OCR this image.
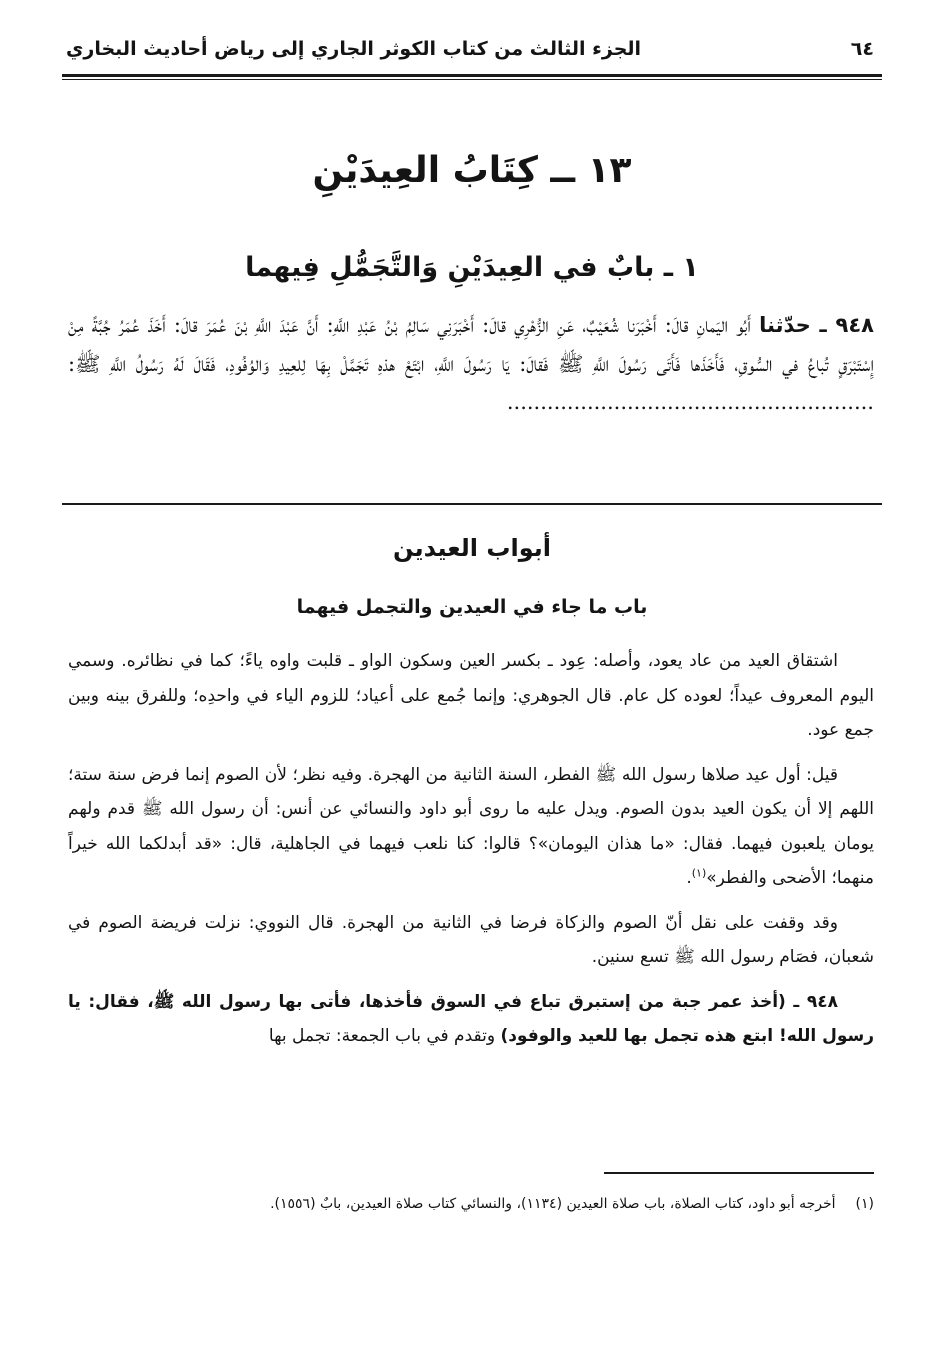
٦٤
الجزء الثالث من كتاب الكوثر الجاري إلى رياض أحاديث البخاري
١٣ ــ كِتَابُ العِيدَيْنِ
١ ـ بابٌ في العِيدَيْنِ وَالتَّجَمُّلِ فِيهما
٩٤٨ ـ حدّثنا أَبُو اليَمانِ قالَ: أَخْبَرَنا شُعَيْبٌ، عَنِ الزُّهْرِي قالَ: أَخْبَرَنِي سَالِمُ بْنُ عَبْدِ اللَّهِ: أَنَّ عَبْدَ اللَّهِ بْنَ عُمَرَ قالَ: أَخَذَ عُمَرُ جُبَّةً مِنْ إِسْتَبْرَقٍ تُباعُ في السُّوقِ، فَأَخَذَها فَأَتَى رَسُولَ اللَّهِ ﷺ فَقالَ: يَا رَسُولَ اللَّهِ، ابْتَعْ هذهِ تَجَمَّلْ بِهَا لِلعِيدِ وَالوُفُودِ، فَقَالَ لَهُ رَسُولُ اللَّهِ ﷺ: .......................................................
أبواب العيدين
باب ما جاء في العيدين والتجمل فيهما

اشتقاق العيد من عاد يعود، وأصله: عِود ـ بكسر العين وسكون الواو ـ قلبت واوه ياءً؛ كما في نظائره. وسمي اليوم المعروف عيداً؛ لعوده كل عام. قال الجوهري: وإنما جُمع على أعياد؛ للزوم الياء في واحدِه؛ وللفرق بينه وبين جمع عود.

قيل: أول عيد صلاها رسول الله ﷺ الفطر، السنة الثانية من الهجرة. وفيه نظر؛ لأن الصوم إنما فرض سنة ستة؛ اللهم إلا أن يكون العيد بدون الصوم. ويدل عليه ما روى أبو داود والنسائي عن أنس: أن رسول الله ﷺ قدم ولهم يومان يلعبون فيهما. فقال: «ما هذان اليومان»؟ قالوا: كنا نلعب فيهما في الجاهلية، قال: «قد أبدلكما الله خيراً منهما؛ الأضحى والفطر»$^{(١)}$.

وقد وقفت على نقل أنّ الصوم والزكاة فرضا في الثانية من الهجرة. قال النووي: نزلت فريضة الصوم في شعبان، فصَام رسول الله ﷺ تسع سنين.

٩٤٨ ـ (أخذ عمر جبة من إستبرق تباع في السوق فأخذها، فأتى بها رسول الله ﷺ، فقال: يا رسول الله! ابتع هذه تجمل بها للعيد والوفود) وتقدم في باب الجمعة: تجمل بها

(١)أخرجه أبو داود، كتاب الصلاة، باب صلاة العيدين (١١٣٤)، والنسائي كتاب صلاة العيدين، بابٌ (١٥٥٦).
